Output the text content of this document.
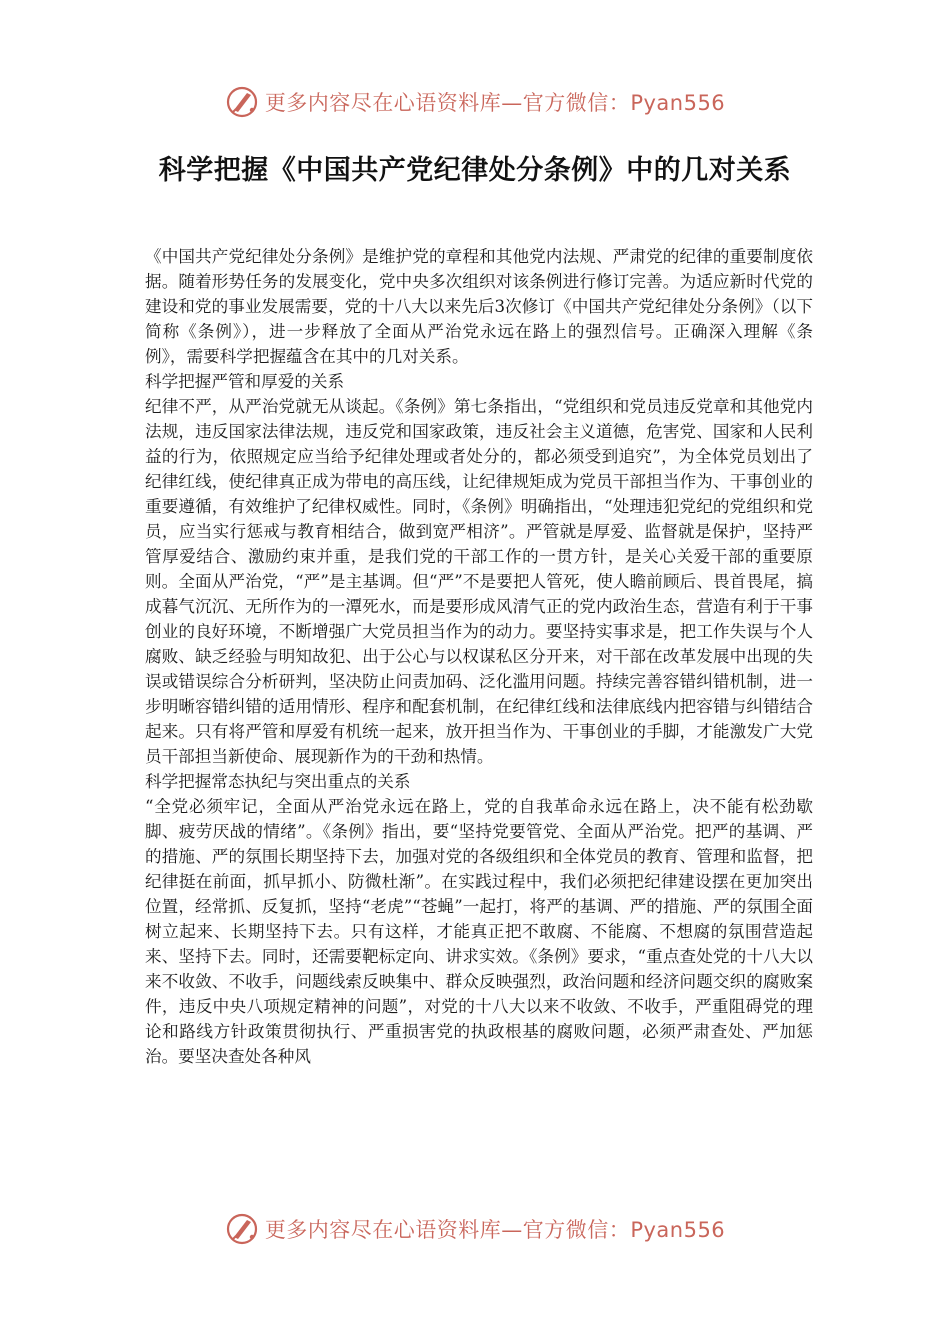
更多内容尽在心语资料库—官方微信：Pyan556
科学把握《中国共产党纪律处分条例》中的几对关系

《中国共产党纪律处分条例》是维护党的章程和其他党内法规、严肃党的纪律的重要制度依据。随着形势任务的发展变化，党中央多次组织对该条例进行修订完善。为适应新时代党的建设和党的事业发展需要，党的十八大以来先后3次修订《中国共产党纪律处分条例》（以下简称《条例》），进一步释放了全面从严治党永远在路上的强烈信号。正确深入理解《条例》，需要科学把握蕴含在其中的几对关系。

科学把握严管和厚爱的关系

纪律不严，从严治党就无从谈起。《条例》第七条指出，“党组织和党员违反党章和其他党内法规，违反国家法律法规，违反党和国家政策，违反社会主义道德，危害党、国家和人民利益的行为，依照规定应当给予纪律处理或者处分的，都必须受到追究”，为全体党员划出了纪律红线，使纪律真正成为带电的高压线，让纪律规矩成为党员干部担当作为、干事创业的重要遵循，有效维护了纪律权威性。同时，《条例》明确指出，“处理违犯党纪的党组织和党员，应当实行惩戒与教育相结合，做到宽严相济”。严管就是厚爱、监督就是保护，坚持严管厚爱结合、激励约束并重，是我们党的干部工作的一贯方针，是关心关爱干部的重要原则。全面从严治党，“严”是主基调。但“严”不是要把人管死，使人瞻前顾后、畏首畏尾，搞成暮气沉沉、无所作为的一潭死水，而是要形成风清气正的党内政治生态，营造有利于干事创业的良好环境，不断增强广大党员担当作为的动力。要坚持实事求是，把工作失误与个人腐败、缺乏经验与明知故犯、出于公心与以权谋私区分开来，对干部在改革发展中出现的失误或错误综合分析研判，坚决防止问责加码、泛化滥用问题。持续完善容错纠错机制，进一步明晰容错纠错的适用情形、程序和配套机制，在纪律红线和法律底线内把容错与纠错结合起来。只有将严管和厚爱有机统一起来，放开担当作为、干事创业的手脚，才能激发广大党员干部担当新使命、展现新作为的干劲和热情。

科学把握常态执纪与突出重点的关系

“全党必须牢记，全面从严治党永远在路上，党的自我革命永远在路上，决不能有松劲歇脚、疲劳厌战的情绪”。《条例》指出，要“坚持党要管党、全面从严治党。把严的基调、严的措施、严的氛围长期坚持下去，加强对党的各级组织和全体党员的教育、管理和监督，把纪律挺在前面，抓早抓小、防微杜渐”。在实践过程中，我们必须把纪律建设摆在更加突出位置，经常抓、反复抓，坚持“老虎”“苍蝇”一起打，将严的基调、严的措施、严的氛围全面树立起来、长期坚持下去。只有这样，才能真正把不敢腐、不能腐、不想腐的氛围营造起来、坚持下去。同时，还需要靶标定向、讲求实效。《条例》要求，“重点查处党的十八大以来不收敛、不收手，问题线索反映集中、群众反映强烈，政治问题和经济问题交织的腐败案件，违反中央八项规定精神的问题”，对党的十八大以来不收敛、不收手，严重阻碍党的理论和路线方针政策贯彻执行、严重损害党的执政根基的腐败问题，必须严肃查处、严加惩治。要坚决查处各种风

更多内容尽在心语资料库—官方微信：Pyan556
